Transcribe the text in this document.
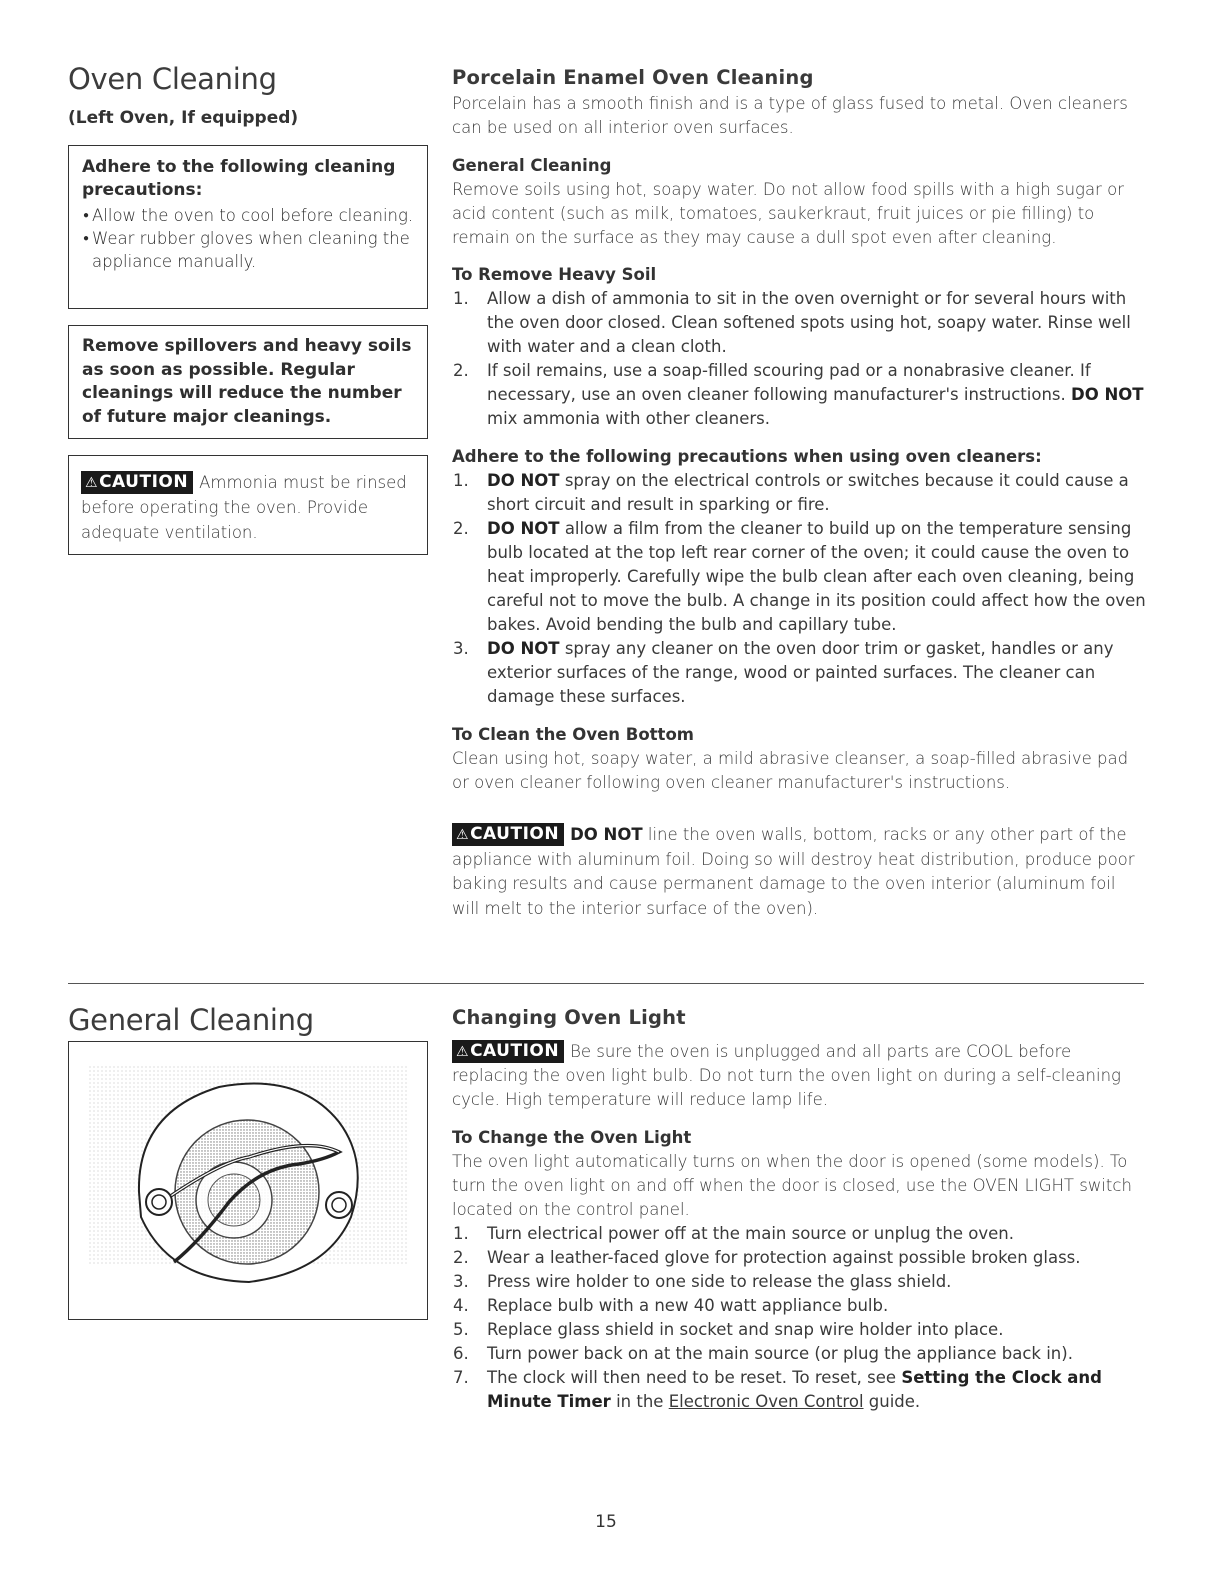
Oven Cleaning
(Left Oven, If equipped)
Adhere to the following cleaning precautions:
● Allow the oven to cool before cleaning.
● Wear rubber gloves when cleaning the appliance manually.
Remove spillovers and heavy soils as soon as possible. Regular cleanings will reduce the number of future major cleanings.
⚠CAUTION Ammonia must be rinsed before operating the oven. Provide adequate ventilation.
Porcelain Enamel Oven Cleaning
Porcelain has a smooth finish and is a type of glass fused to metal. Oven cleaners can be used on all interior oven surfaces.
General Cleaning
Remove soils using hot, soapy water. Do not allow food spills with a high sugar or acid content (such as milk, tomatoes, saukerkraut, fruit juices or pie filling) to remain on the surface as they may cause a dull spot even after cleaning.
To Remove Heavy Soil
1. Allow a dish of ammonia to sit in the oven overnight or for several hours with the oven door closed. Clean softened spots using hot, soapy water. Rinse well with water and a clean cloth.
2. If soil remains, use a soap-filled scouring pad or a nonabrasive cleaner. If necessary, use an oven cleaner following manufacturer's instructions. DO NOT mix ammonia with other cleaners.
Adhere to the following precautions when using oven cleaners:
1. DO NOT spray on the electrical controls or switches because it could cause a short circuit and result in sparking or fire.
2. DO NOT allow a film from the cleaner to build up on the temperature sensing bulb located at the top left rear corner of the oven; it could cause the oven to heat improperly. Carefully wipe the bulb clean after each oven cleaning, being careful not to move the bulb. A change in its position could affect how the oven bakes. Avoid bending the bulb and capillary tube.
3. DO NOT spray any cleaner on the oven door trim or gasket, handles or any exterior surfaces of the range, wood or painted surfaces. The cleaner can damage these surfaces.
To Clean the Oven Bottom
Clean using hot, soapy water, a mild abrasive cleanser, a soap-filled abrasive pad or oven cleaner following oven cleaner manufacturer's instructions.
⚠CAUTION DO NOT line the oven walls, bottom, racks or any other part of the appliance with aluminum foil. Doing so will destroy heat distribution, produce poor baking results and cause permanent damage to the oven interior (aluminum foil will melt to the interior surface of the oven).
General Cleaning	Changing Oven Light
⚠CAUTION Be sure the oven is unplugged and all parts are COOL before replacing the oven light bulb. Do not turn the oven light on during a self-cleaning cycle. High temperature will reduce lamp life.
To Change the Oven Light
The oven light automatically turns on when the door is opened (some models). To turn the oven light on and off when the door is closed, use the OVEN LIGHT switch located on the control panel.
1. Turn electrical power off at the main source or unplug the oven.
2. Wear a leather-faced glove for protection against possible broken glass.
3. Press wire holder to one side to release the glass shield.
4. Replace bulb with a new 40 watt appliance bulb.
5. Replace glass shield in socket and snap wire holder into place.
6. Turn power back on at the main source (or plug the appliance back in).
7. The clock will then need to be reset. To reset, see Setting the Clock and Minute Timer in the Electronic Oven Control guide.
15
